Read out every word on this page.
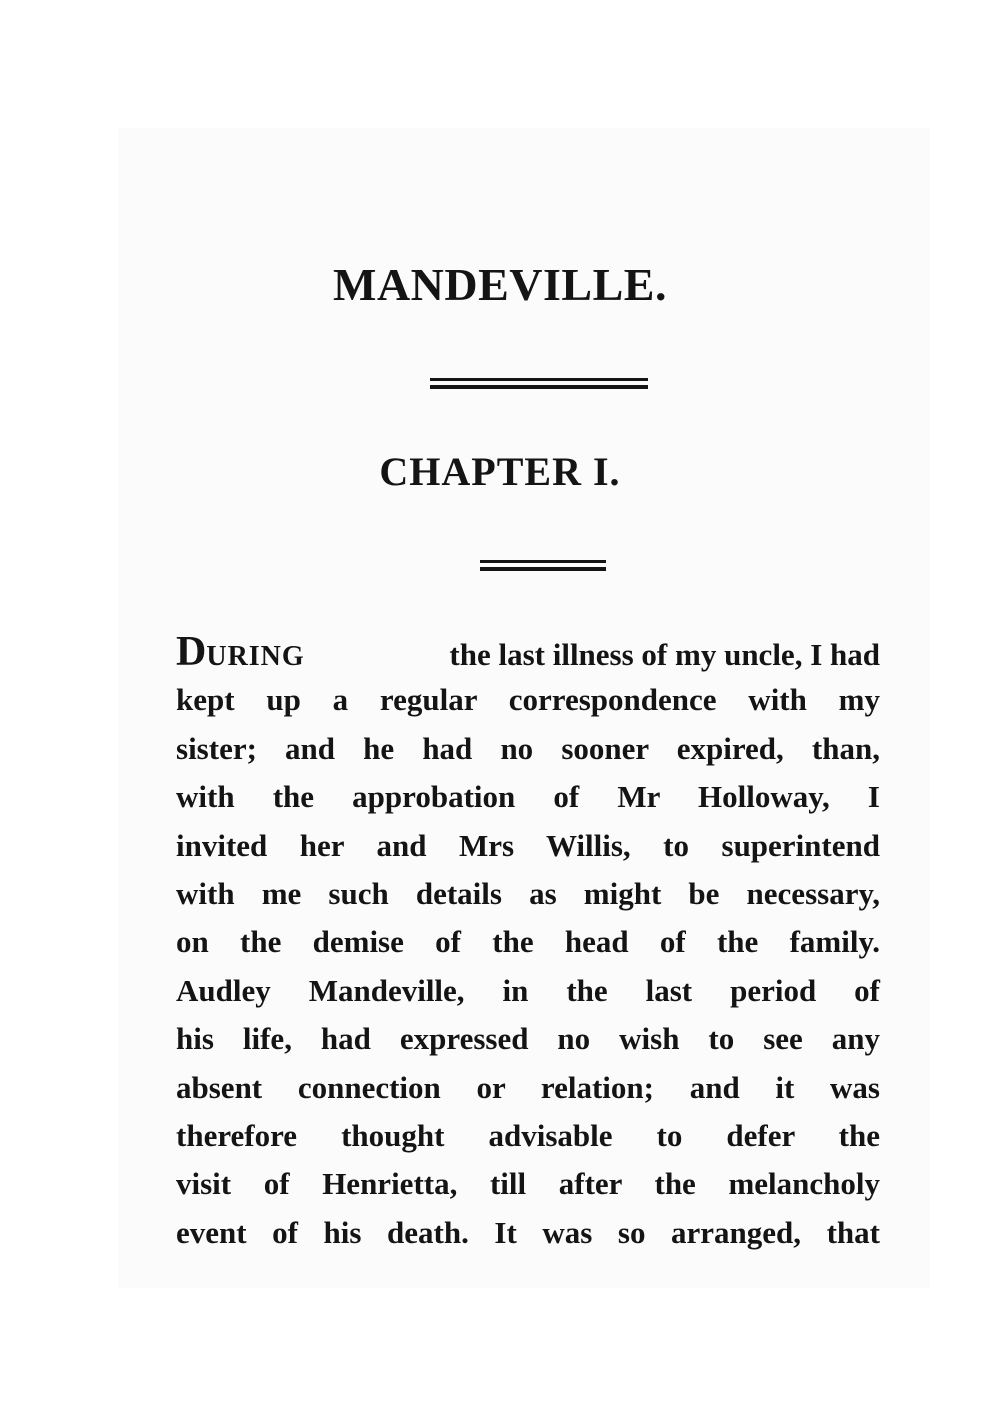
MANDEVILLE.
CHAPTER I.
DURING	the last illness of my uncle, I had
kept up a regular correspondence with my
sister; and he had no sooner expired, than,
with the approbation of Mr Holloway, I
invited her and Mrs Willis, to superintend
with me such details as might be necessary,
on the demise of the head of the family.
Audley Mandeville, in the last period of
his life, had expressed no wish to see any
absent connection or relation; and it was
therefore thought advisable to defer the
visit of Henrietta, till after the melancholy
event of his death. It was so arranged, that
